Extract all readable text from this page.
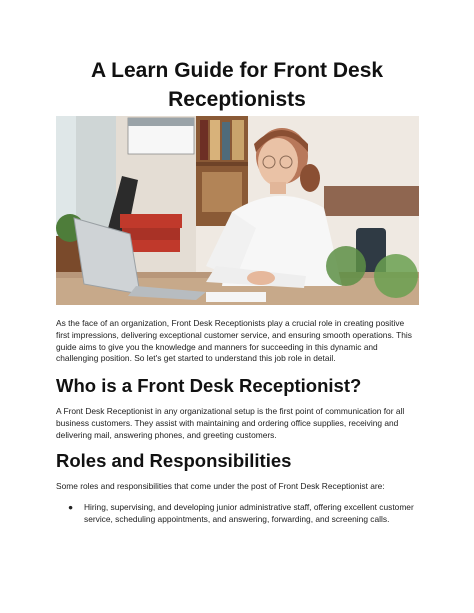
A Learn Guide for Front Desk Receptionists
As the face of an organization, Front Desk Receptionists play a crucial role in creating positive first impressions, delivering exceptional customer service, and ensuring smooth operations. This guide aims to give you the knowledge and manners for succeeding in this dynamic and challenging position. So let's get started to understand this job role in detail.
Who is a Front Desk Receptionist?
A Front Desk Receptionist in any organizational setup is the first point of communication for all business customers. They assist with maintaining and ordering office supplies, receiving and delivering mail, answering phones, and greeting customers.
Roles and Responsibilities
Some roles and responsibilities that come under the post of Front Desk Receptionist are:
● Hiring, supervising, and developing junior administrative staff, offering excellent customer service, scheduling appointments, and answering, forwarding, and screening calls.
